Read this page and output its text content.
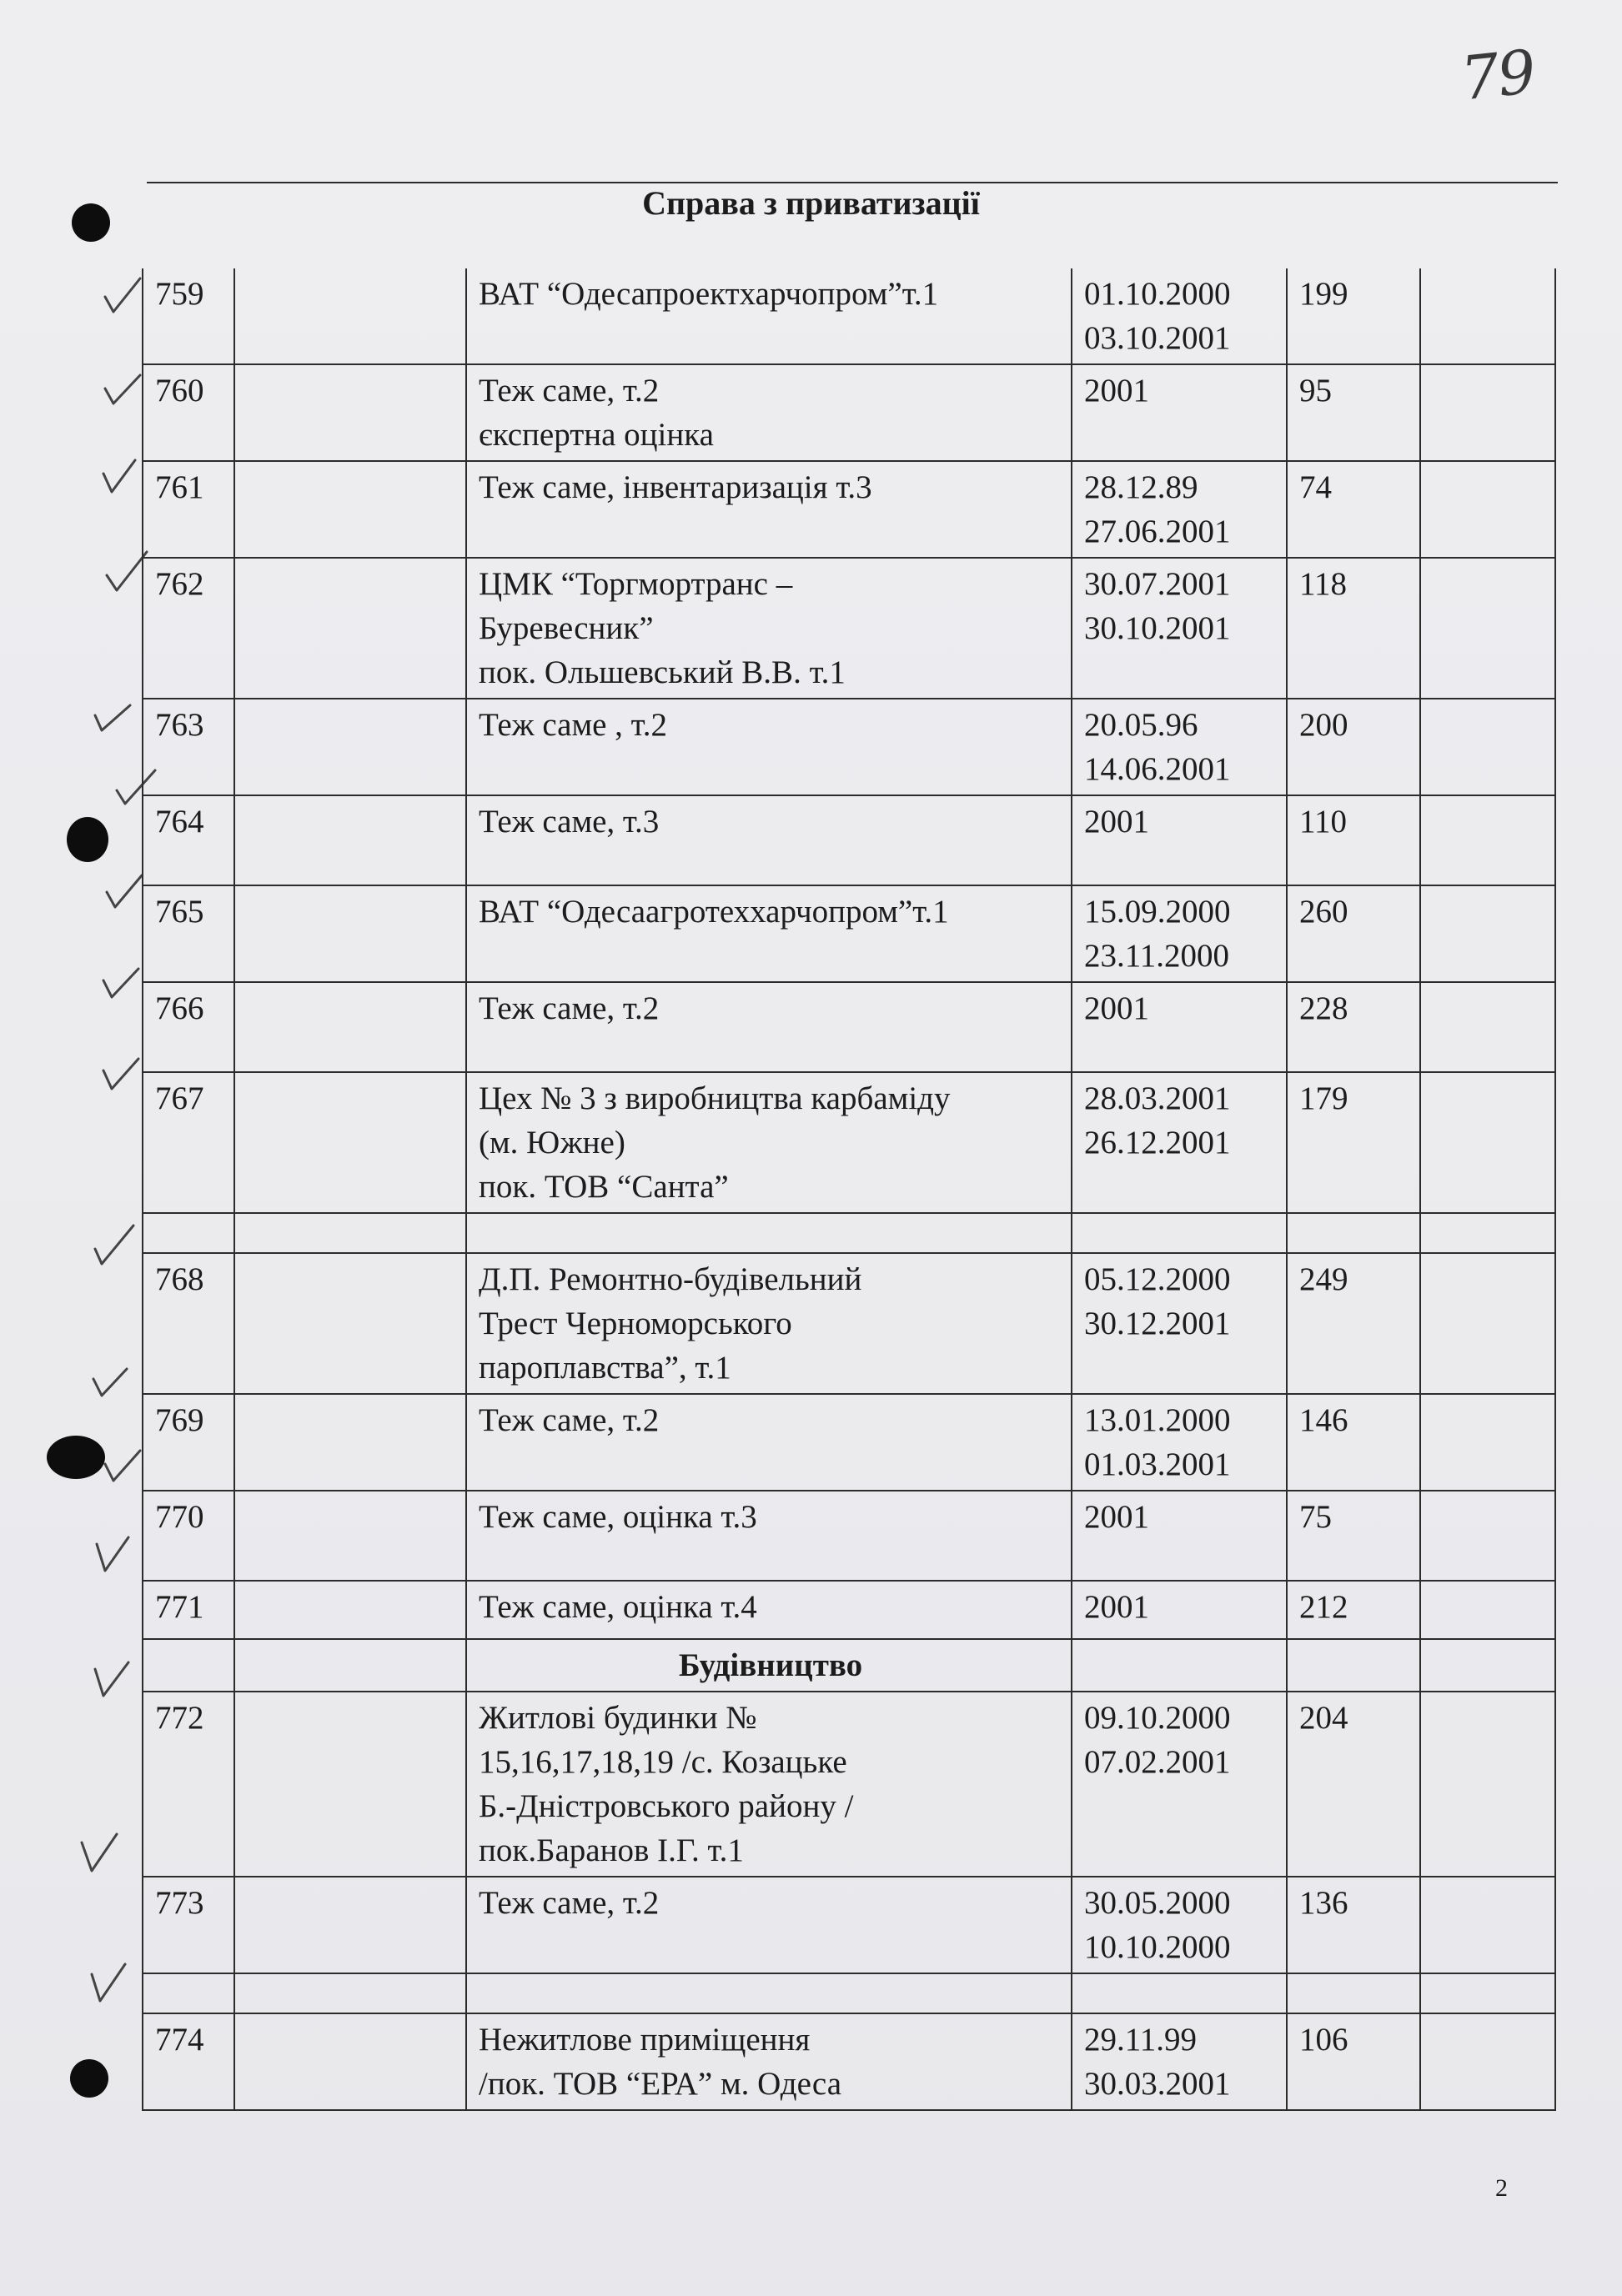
79
Справа з приватизації
759		ВАТ “Одесапроектхарчопром”т.1	01.10.2000
03.10.2001	199	
760		Теж саме, т.2
єкспертна оцінка	2001	95	
761		Теж саме, інвентаризація т.3	28.12.89
27.06.2001	74	
762		ЦМК “Торгмортранс –
Буревесник”
пок. Ольшевський В.В. т.1	30.07.2001
30.10.2001	118	
763		Теж саме , т.2	20.05.96
14.06.2001	200	
764		Теж саме, т.3	2001	110	
765		ВАТ “Одесаагротеххарчопром”т.1	15.09.2000
23.11.2000	260	
766		Теж саме, т.2	2001	228	
767		Цех № 3 з виробництва карбаміду
(м. Южне)
пок. ТОВ “Санта”	28.03.2001
26.12.2001	179	

768		Д.П. Ремонтно-будівельний
Трест Черноморського
пароплавства”, т.1	05.12.2000
30.12.2001	249	
769		Теж саме, т.2	13.01.2000
01.03.2001	146	
770		Теж саме, оцінка т.3	2001	75	
771		Теж саме, оцінка т.4	2001	212	
		Будівництво			
772		Житлові будинки №
15,16,17,18,19 /с. Козацьке
Б.-Дністровського району /
пок.Баранов І.Г. т.1	09.10.2000
07.02.2001	204	
773		Теж саме, т.2	30.05.2000
10.10.2000	136	

774		Нежитлове приміщення
/пок. ТОВ “ЕРА” м. Одеса	29.11.99
30.03.2001	106	
2
